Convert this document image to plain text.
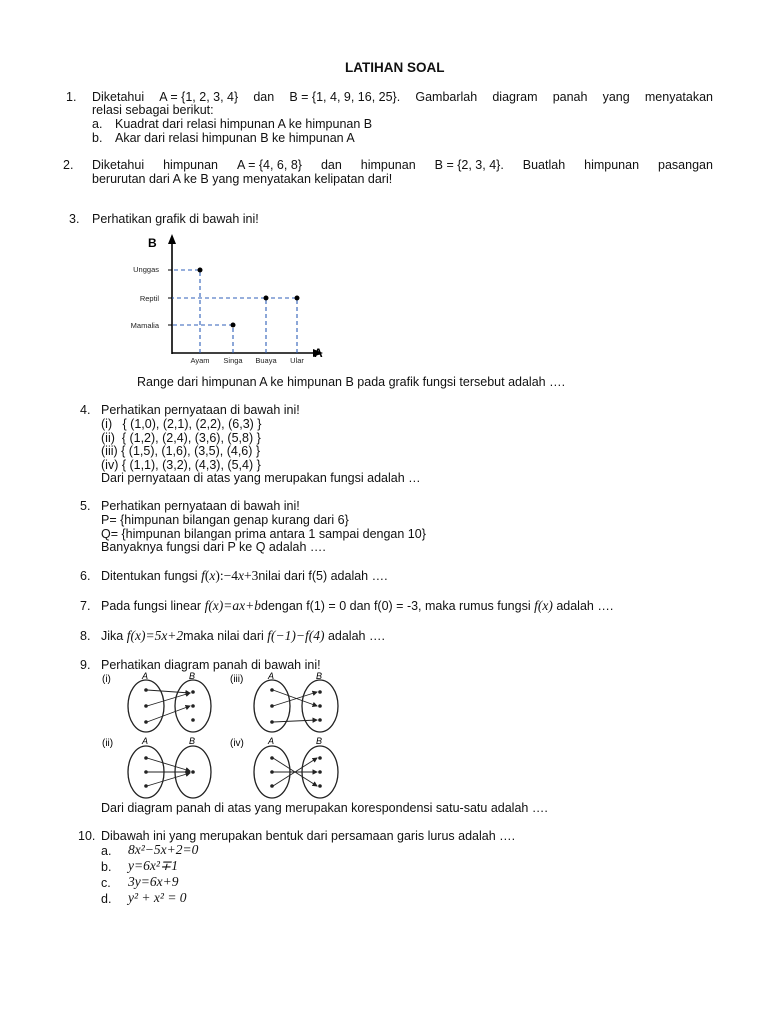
LATIHAN SOAL
1. Diketahui A = {1, 2, 3, 4} dan B = {1, 4, 9, 16, 25}. Gambarlah diagram panah yang menyatakan
relasi sebagai berikut:
a. Kuadrat dari relasi himpunan A ke himpunan B
b. Akar dari relasi himpunan B ke himpunan A
2. Diketahui himpunan A = {4, 6, 8} dan himpunan B = {2, 3, 4}. Buatlah himpunan pasangan
berurutan dari A ke B yang menyatakan kelipatan dari!
3. Perhatikan grafik di bawah ini!
B
A
Unggas
Reptil
Mamalia
Ayam Singa Buaya Ular
Range dari himpunan A ke himpunan B pada grafik fungsi tersebut adalah ….
4. Perhatikan pernyataan di bawah ini!
(i)   { (1,0), (2,1), (2,2), (6,3) }
(ii)  { (1,2), (2,4), (3,6), (5,8) }
(iii) { (1,5), (1,6), (3,5), (4,6) }
(iv) { (1,1), (3,2), (4,3), (5,4) }
Dari pernyataan di atas yang merupakan fungsi adalah …
5. Perhatikan pernyataan di bawah ini!
P= {himpunan bilangan genap kurang dari 6}
Q= {himpunan bilangan prima antara 1 sampai dengan 10}
Banyaknya fungsi dari P ke Q adalah ….
6. Ditentukan fungsi f(x):−4x+3nilai dari f(5) adalah ….
7. Pada fungsi linear f(x)=ax+bdengan f(1) = 0 dan f(0) = -3, maka rumus fungsi f(x) adalah ….
8. Jika f(x)=5x+2maka nilai dari f(−1)−f(4) adalah ….
9. Perhatikan diagram panah di bawah ini!
(i)	A	B	(iii)	A	B
(ii)	A	B	(iv)	A	B
Dari diagram panah di atas yang merupakan korespondensi satu-satu adalah ….
10. Dibawah ini yang merupakan bentuk dari persamaan garis lurus adalah ….
a. 8x²−5x+2=0
b. y=6x²∓1
c. 3y=6x+9
d. y² + x² = 0
